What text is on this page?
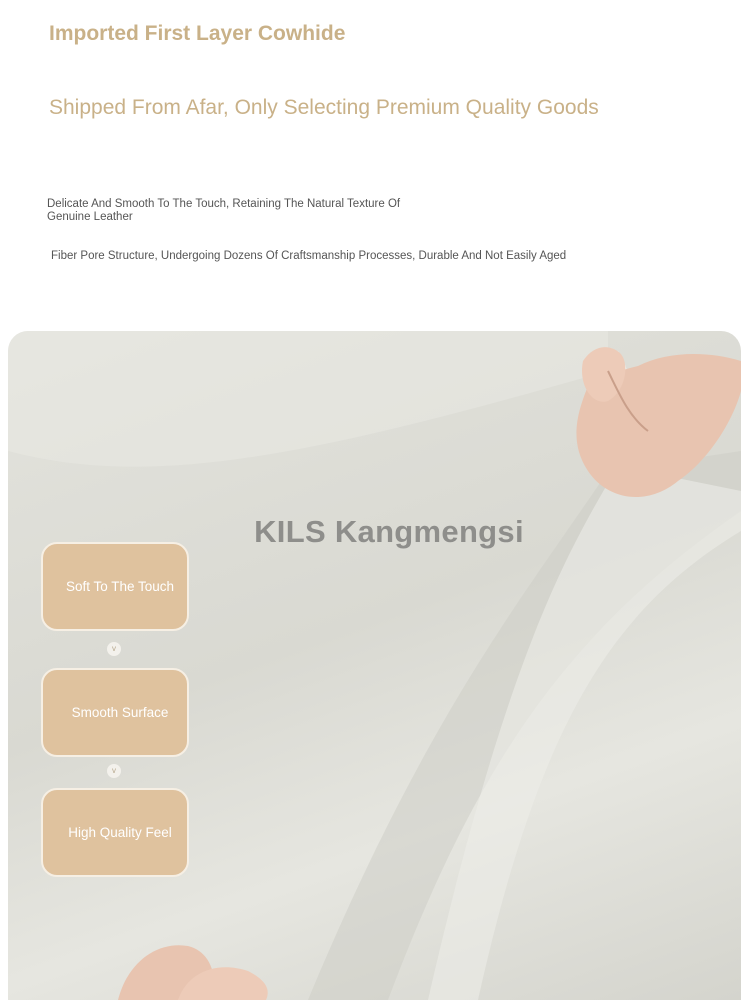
Imported First Layer Cowhide
Shipped From Afar, Only Selecting Premium Quality Goods
Delicate And Smooth To The Touch, Retaining The Natural Texture Of Genuine Leather
Fiber Pore Structure, Undergoing Dozens Of Craftsmanship Processes, Durable And Not Easily Aged
KILS Kangmengsi
Soft To The Touch
v
Smooth Surface
v
High Quality Feel
